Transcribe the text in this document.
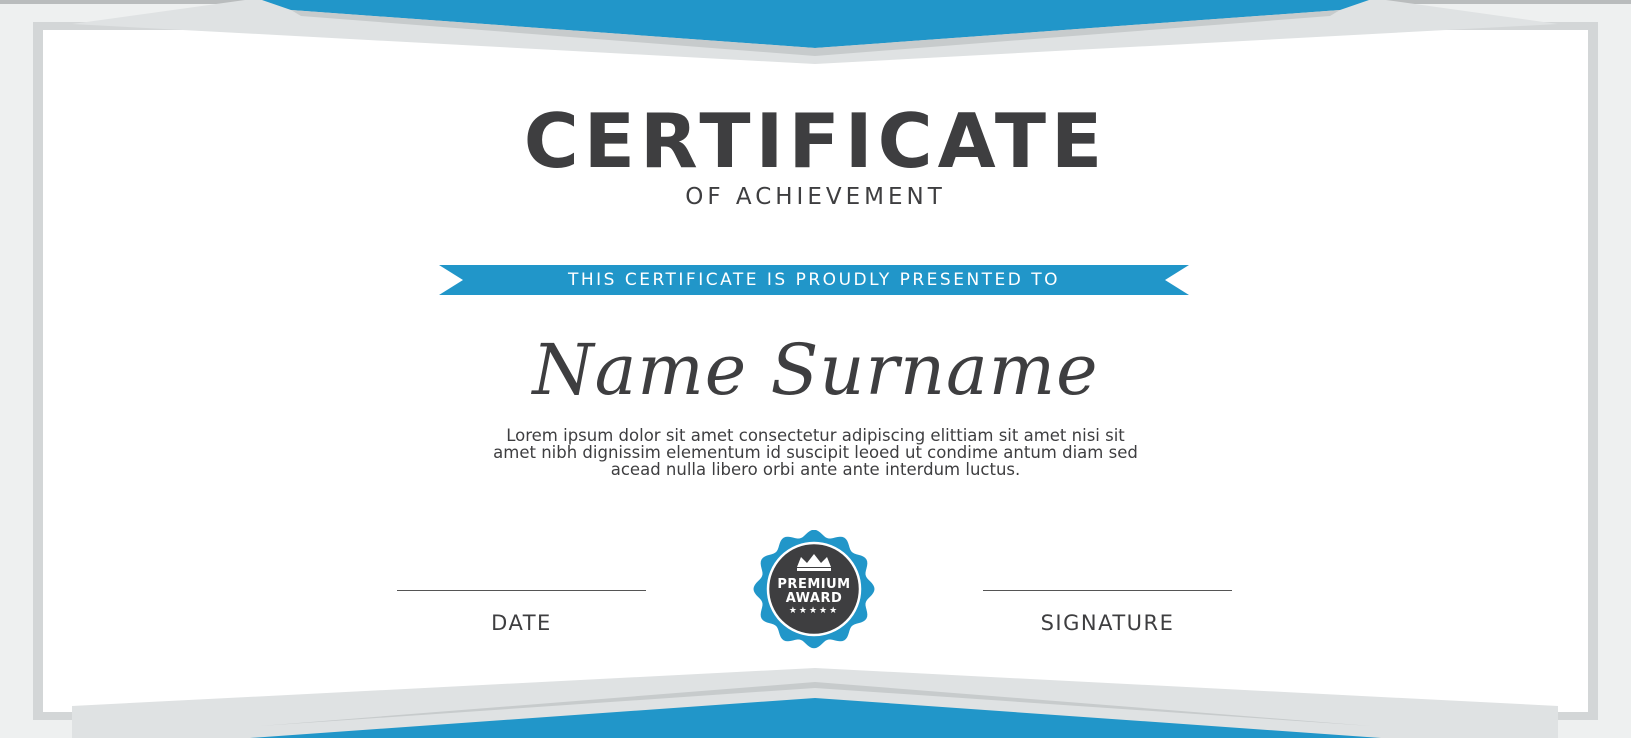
CERTIFICATE
OF ACHIEVEMENT
THIS CERTIFICATE IS PROUDLY PRESENTED TO
Name Surname
Lorem ipsum dolor sit amet consectetur adipiscing elittiam sit amet nisi sit
amet nibh dignissim elementum id suscipit leoed ut condime antum diam sed
acead nulla libero orbi ante ante interdum luctus.
DATE	SIGNATURE
PREMIUM
AWARD
★★★★★
